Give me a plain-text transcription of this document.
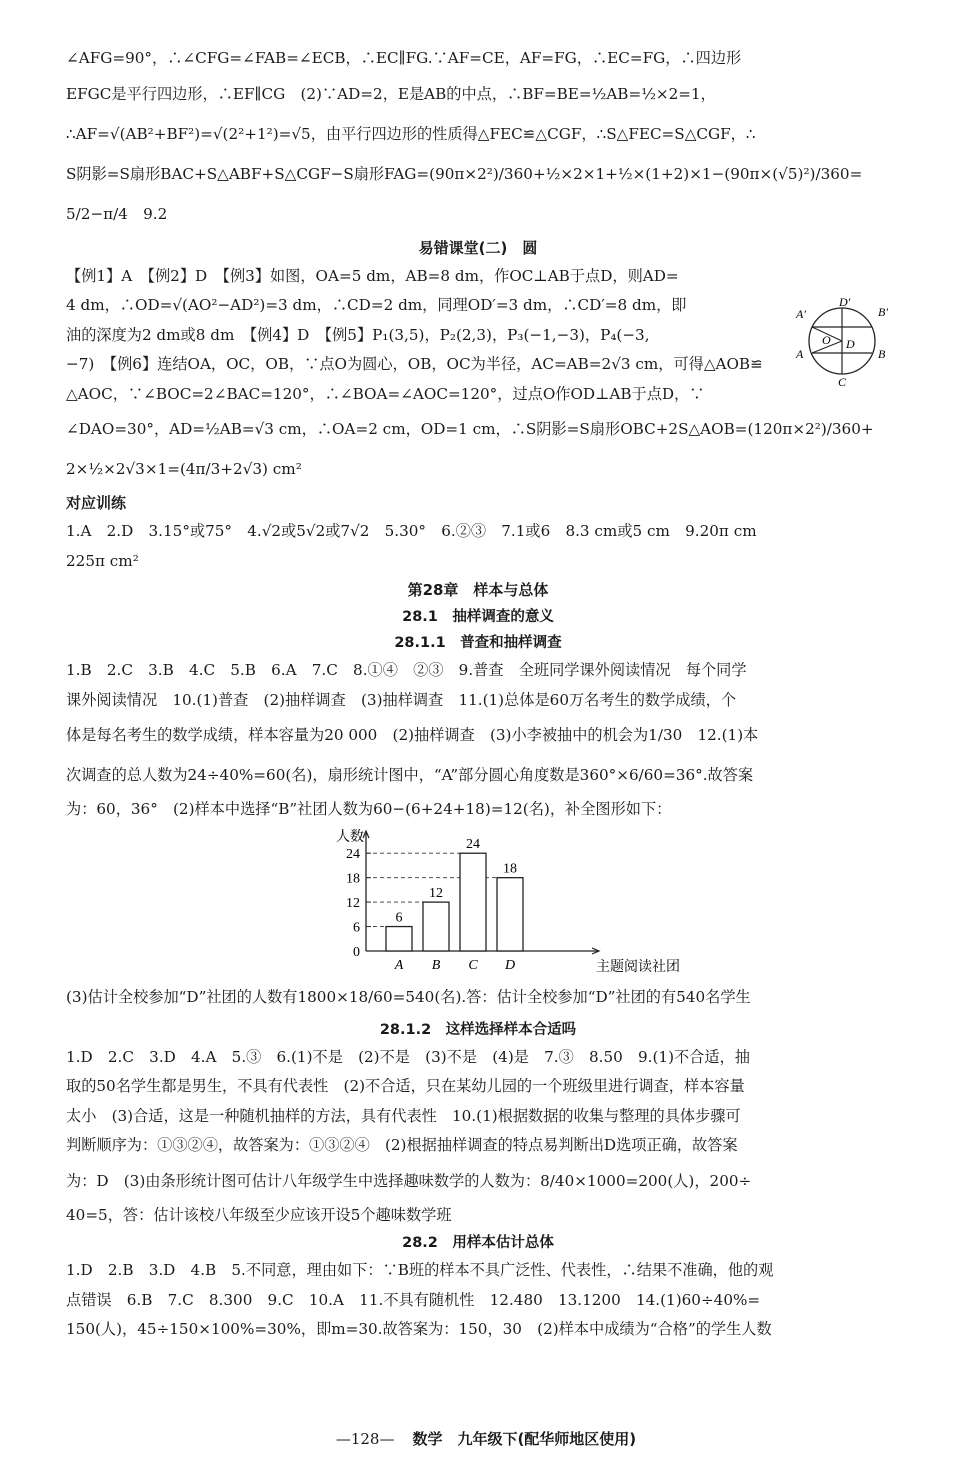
∠AFG=90°，∴∠CFG=∠FAB=∠ECB，∴EC∥FG.∵AF=CE，AF=FG，∴EC=FG，∴四边形
EFGC是平行四边形，∴EF∥CG　(2)∵AD=2，E是AB的中点，∴BF=BE=½AB=½×2=1，
∴AF=√(AB²+BF²)=√(2²+1²)=√5，由平行四边形的性质得△FEC≌△CGF，∴S△FEC=S△CGF，∴
S阴影=S扇形BAC+S△ABF+S△CGF−S扇形FAG=(90π×2²)/360+½×2×1+½×(1+2)×1−(90π×(√5)²)/360=
5/2−π/4　9.2
易错课堂(二)　圆
【例1】A　【例2】D　【例3】如图，OA=5 dm，AB=8 dm，作OC⊥AB于点D，则AD=
4 dm，∴OD=√(AO²−AD²)=3 dm，∴CD=2 dm，同理OD′=3 dm，∴CD′=8 dm，即
油的深度为2 dm或8 dm　【例4】D　【例5】P₁(3,5)，P₂(2,3)，P₃(−1,−3)，P₄(−3,
−7)　【例6】连结OA，OC，OB，∵点O为圆心，OB，OC为半径，AC=AB=2√3 cm，可得△AOB≌
△AOC，∵∠BOC=2∠BAC=120°，∴∠BOA=∠AOC=120°，过点O作OD⊥AB于点D，∵
∠DAO=30°，AD=½AB=√3 cm，∴OA=2 cm，OD=1 cm，∴S阴影=S扇形OBC+2S△AOB=(120π×2²)/360+
2×½×2√3×1=(4π/3+2√3) cm²
对应训练
1.A　2.D　3.15°或75°　4.√2或5√2或7√2　5.30°　6.②③　7.1或6　8.3 cm或5 cm　9.20π cm
225π cm²
第28章　样本与总体
28.1　抽样调查的意义
28.1.1　普查和抽样调查
1.B　2.C　3.B　4.C　5.B　6.A　7.C　8.①④　②③　9.普查　全班同学课外阅读情况　每个同学
课外阅读情况　10.(1)普查　(2)抽样调查　(3)抽样调查　11.(1)总体是60万名考生的数学成绩，个
体是每名考生的数学成绩，样本容量为20 000　(2)抽样调查　(3)小李被抽中的机会为1/30　12.(1)本
次调查的总人数为24÷40%=60(名)，扇形统计图中，“A”部分圆心角度数是360°×6/60=36°.故答案
为：60，36°　(2)样本中选择“B”社团人数为60−(6+24+18)=12(名)，补全图形如下：
人数
0
6
12
18
24
6
A
12
B
24
C
18
D	主题阅读社团
(3)估计全校参加“D”社团的人数有1800×18/60=540(名).答：估计全校参加“D”社团的有540名学生
28.1.2　这样选择样本合适吗
1.D　2.C　3.D　4.A　5.③　6.(1)不是　(2)不是　(3)不是　(4)是　7.③　8.50　9.(1)不合适，抽
取的50名学生都是男生，不具有代表性　(2)不合适，只在某幼儿园的一个班级里进行调查，样本容量
太小　(3)合适，这是一种随机抽样的方法，具有代表性　10.(1)根据数据的收集与整理的具体步骤可
判断顺序为：①③②④，故答案为：①③②④　(2)根据抽样调查的特点易判断出D选项正确，故答案
为：D　(3)由条形统计图可估计八年级学生中选择趣味数学的人数为：8/40×1000=200(人)，200÷
40=5，答：估计该校八年级至少应该开设5个趣味数学班
28.2　用样本估计总体
1.D　2.B　3.D　4.B　5.不同意，理由如下：∵B班的样本不具广泛性、代表性，∴结果不准确，他的观
点错误　6.B　7.C　8.300　9.C　10.A　11.不具有随机性　12.480　13.1200　14.(1)60÷40%=
150(人)，45÷150×100%=30%，即m=30.故答案为：150，30　(2)样本中成绩为“合格”的学生人数
A′
D′
B′
O D
A	B
C
—128— 数学　九年级下(配华师地区使用)
